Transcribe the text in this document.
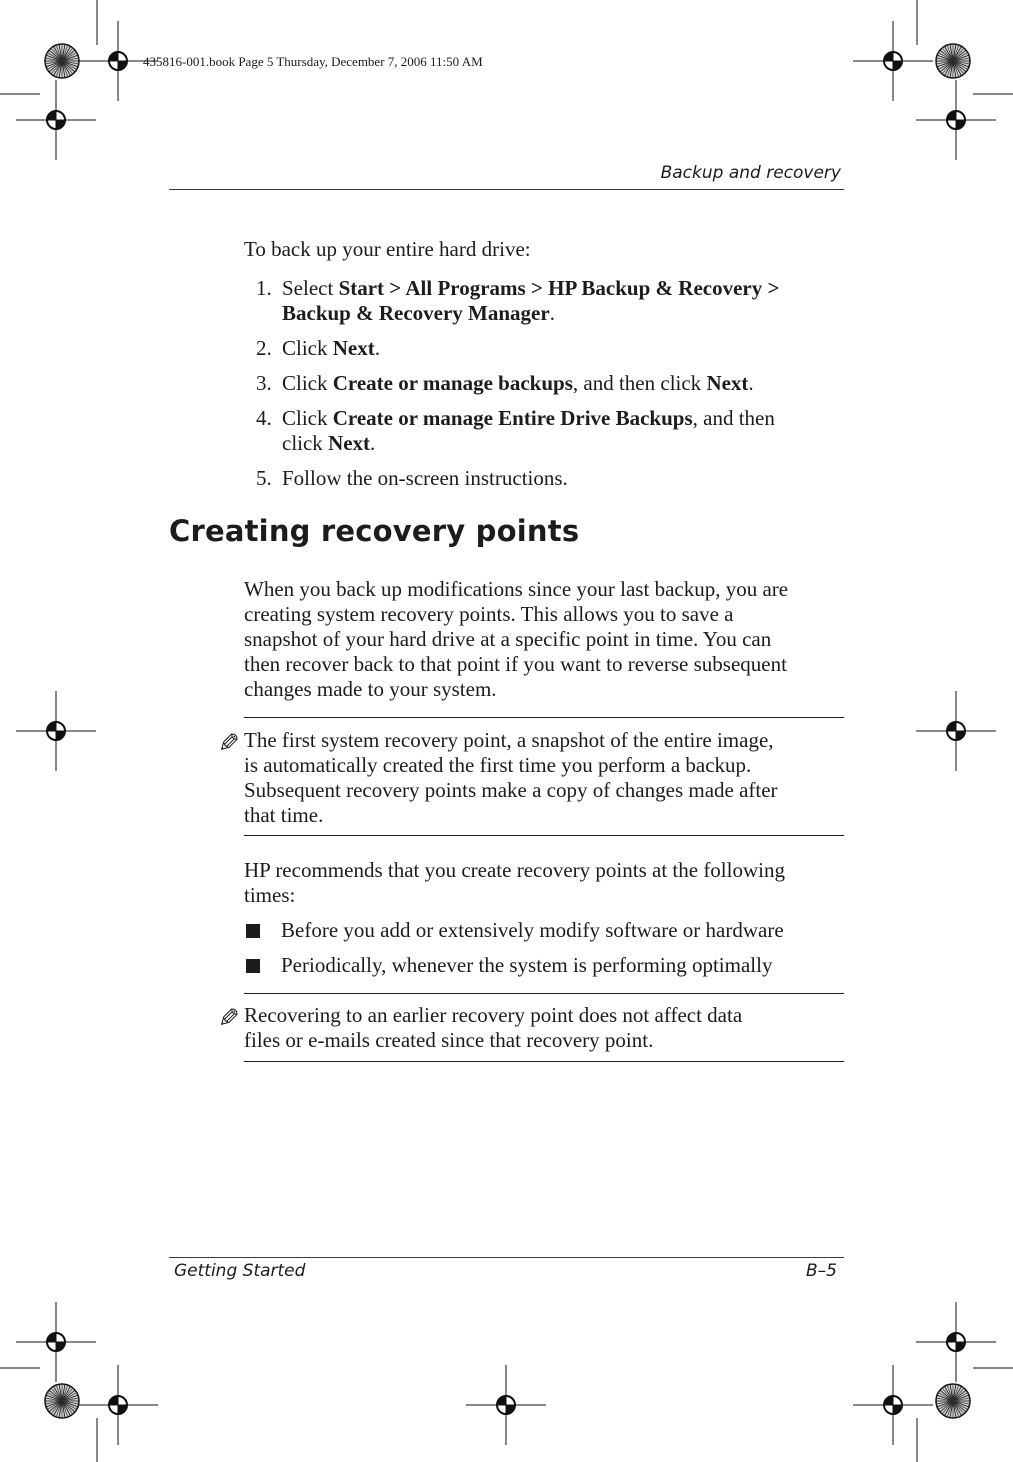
435816-001.book Page 5 Thursday, December 7, 2006 11:50 AM
Backup and recovery
To back up your entire hard drive:
1. Select Start > All Programs > HP Backup & Recovery >
Backup & Recovery Manager.
2. Click Next.
3. Click Create or manage backups, and then click Next.
4. Click Create or manage Entire Drive Backups, and then
click Next.
5. Follow the on-screen instructions.
Creating recovery points
When you back up modifications since your last backup, you are
creating system recovery points. This allows you to save a
snapshot of your hard drive at a specific point in time. You can
then recover back to that point if you want to reverse subsequent
changes made to your system.
✎ The first system recovery point, a snapshot of the entire image,
is automatically created the first time you perform a backup.
Subsequent recovery points make a copy of changes made after
that time.
HP recommends that you create recovery points at the following
times:
Before you add or extensively modify software or hardware
Periodically, whenever the system is performing optimally
✎ Recovering to an earlier recovery point does not affect data
files or e-mails created since that recovery point.
Getting Started	B–5
